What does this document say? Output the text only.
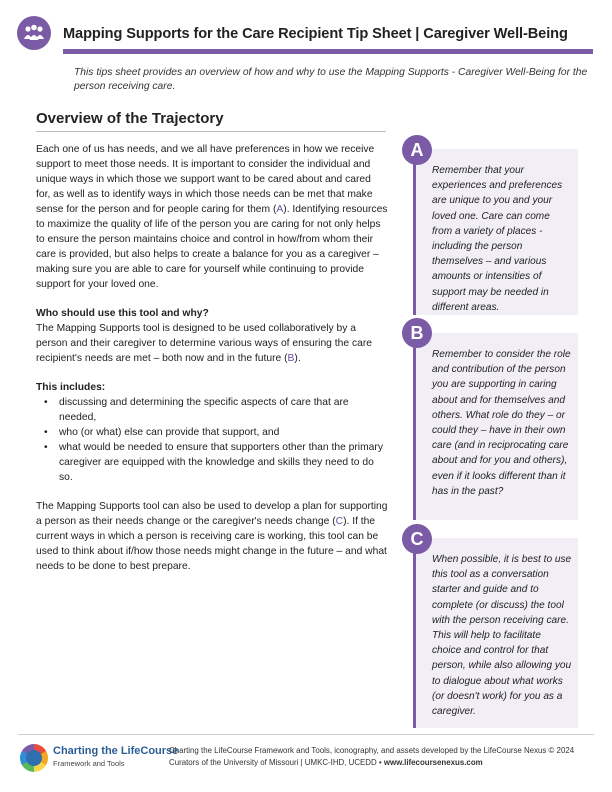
Mapping Supports for the Care Recipient Tip Sheet | Caregiver Well-Being
This tips sheet provides an overview of how and why to use the Mapping Supports - Caregiver Well-Being for the person receiving care.
Overview of the Trajectory

Each one of us has needs, and we all have preferences in how we receive support to meet those needs. It is important to consider the individual and unique ways in which those we support want to be cared about and cared for, as well as to identify ways in which those needs can be met that make sense for the person and for people caring for them (A). Identifying resources to maximize the quality of life of the person you are caring for not only helps to ensure the person maintains choice and control in how/from whom their care is provided, but also helps to create a balance for you as a caregiver – making sure you are able to care for yourself while continuing to provide support for your loved one.

Who should use this tool and why?

The Mapping Supports tool is designed to be used collaboratively by a person and their caregiver to determine various ways of ensuring the care recipient's needs are met – both now and in the future (B).

This includes:

• discussing and determining the specific aspects of care that are needed,
• who (or what) else can provide that support, and
• what would be needed to ensure that supporters other than the primary caregiver are equipped with the knowledge and skills they need to do so.

The Mapping Supports tool can also be used to develop a plan for supporting a person as their needs change or the caregiver's needs change (C). If the current ways in which a person is receiving care is working, this tool can be used to think about if/how those needs might change in the future – and what needs to be done to best prepare.

Remember that your experiences and preferences are unique to you and your loved one. Care can come from a variety of places - including the person themselves – and various amounts or intensities of support may be needed in different areas.
A
Remember to consider the role and contribution of the person you are supporting in caring about and for themselves and others. What role do they – or could they – have in their own care (and in reciprocating care about and for you and others), even if it looks different than it has in the past?
B
When possible, it is best to use this tool as a conversation starter and guide and to complete (or discuss) the tool with the person receiving care. This will help to facilitate choice and control for that person, while also allowing you to dialogue about what works (or doesn't work) for you as a caregiver.
C
Charting the LifeCourse
Framework and Tools
Charting the LifeCourse Framework and Tools, iconography, and assets developed by the LifeCourse Nexus © 2024
Curators of the University of Missouri | UMKC-IHD, UCEDD • www.lifecoursenexus.com
